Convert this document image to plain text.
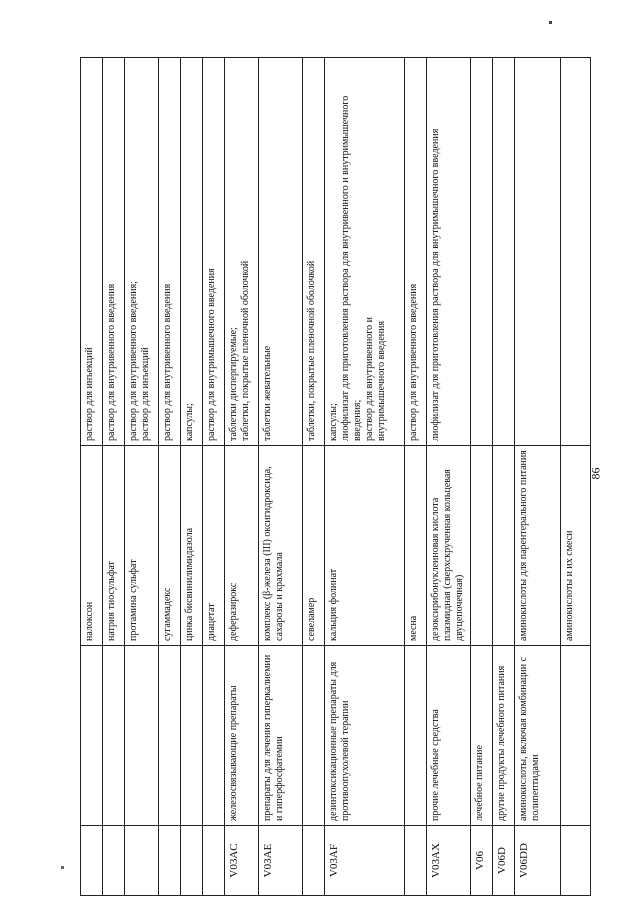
86
		налоксон	раствор для инъекций

		натрия тиосульфат	раствор для внутривенного введения

		протамина сульфат	раствор для внутривенного введения; раствор для инъекций

		сугаммадекс	раствор для внутривенного введения

		цинка бисвинилимидазола	капсулы;

		диацетат	раствор для внутримышечного введения

V03AC	железосвязывающие препараты	деферазирокс	таблетки диспергируемые; таблетки, покрытые пленочной оболочкой

V03AE	препараты для лечения гиперкалиемии и гиперфосфатемии	комплекс (β-железа (III) оксигидроксида, сахарозы и крахмала	таблетки жевательные

		севеламер	таблетки, покрытые пленочной оболочкой

V03AF	дезинтоксикационные препараты для противоопухолевой терапии	кальция фолинат	капсулы; лиофилизат для приготовления раствора для внутривенного и внутримышечного введения; раствор для внутривенного и внутримышечного введения

		месна	раствор для внутривенного введения

V03AX	прочие лечебные средства	дезоксирибонуклеиновая кислота плазмидная (сверхскрученная кольцевая двуцепочечная)	лиофилизат для приготовления раствора для внутримышечного введения

V06	лечебное питание		
V06D	другие продукты лечебного питания		
V06DD	аминокислоты, включая комбинации с полипептидами	аминокислоты для парентерального питания	
		аминокислоты и их смеси	
